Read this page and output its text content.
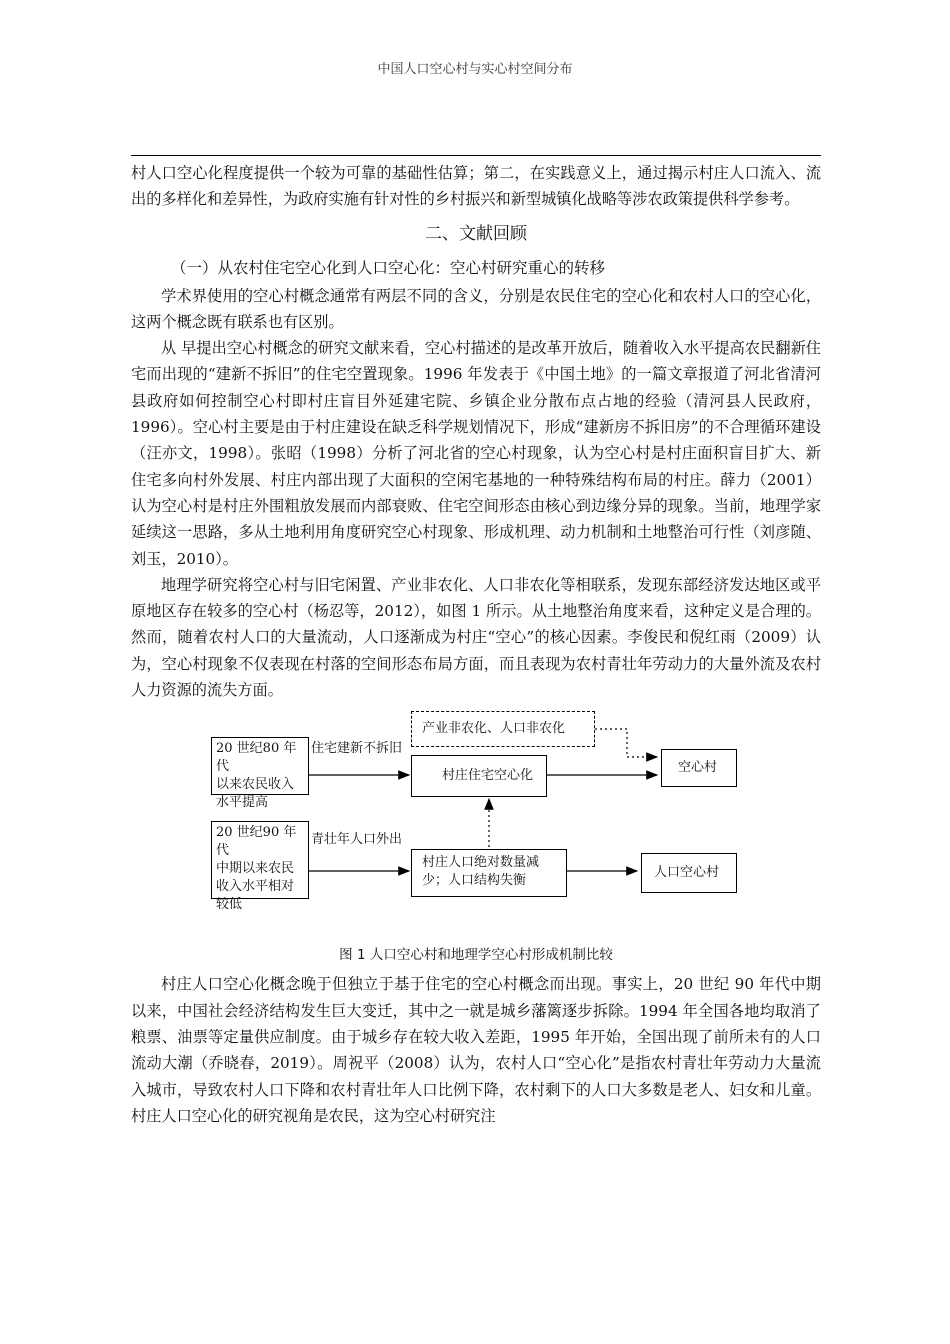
中国人口空心村与实心村空间分布

村人口空心化程度提供一个较为可靠的基础性估算；第二，在实践意义上，通过揭示村庄人口流入、流出的多样化和差异性，为政府实施有针对性的乡村振兴和新型城镇化战略等涉农政策提供科学参考。

二、文献回顾
（一）从农村住宅空心化到人口空心化：空心村研究重心的转移

学术界使用的空心村概念通常有两层不同的含义，分别是农民住宅的空心化和农村人口的空心化，这两个概念既有联系也有区别。

从 早提出空心村概念的研究文献来看，空心村描述的是改革开放后，随着收入水平提高农民翻新住宅而出现的“建新不拆旧”的住宅空置现象。1996 年发表于《中国土地》的一篇文章报道了河北省清河县政府如何控制空心村即村庄盲目外延建宅院、乡镇企业分散布点占地的经验（清河县人民政府，1996）。空心村主要是由于村庄建设在缺乏科学规划情况下，形成“建新房不拆旧房”的不合理循环建设（汪亦文，1998）。张昭（1998）分析了河北省的空心村现象，认为空心村是村庄面积盲目扩大、新住宅多向村外发展、村庄内部出现了大面积的空闲宅基地的一种特殊结构布局的村庄。薛力（2001）认为空心村是村庄外围粗放发展而内部衰败、住宅空间形态由核心到边缘分异的现象。当前，地理学家延续这一思路，多从土地利用角度研究空心村现象、形成机理、动力机制和土地整治可行性（刘彦随、刘玉，2010）。

地理学研究将空心村与旧宅闲置、产业非农化、人口非农化等相联系，发现东部经济发达地区或平原地区存在较多的空心村（杨忍等，2012），如图 1 所示。从土地整治角度来看，这种定义是合理的。然而，随着农村人口的大量流动，人口逐渐成为村庄“空心”的核心因素。李俊民和倪红雨（2009）认为，空心村现象不仅表现在村落的空间形态布局方面，而且表现为农村青壮年劳动力的大量外流及农村人力资源的流失方面。

20 世纪80 年代
以来农民收入
水平提高
住宅建新不拆旧
产业非农化、人口非农化
村庄住宅空心化
空心村
20 世纪90 年代
中期以来农民
收入水平相对
较低
青壮年人口外出
村庄人口绝对数量减
少；人口结构失衡
人口空心村

图 1 人口空心村和地理学空心村形成机制比较

村庄人口空心化概念晚于但独立于基于住宅的空心村概念而出现。事实上，20 世纪 90 年代中期以来，中国社会经济结构发生巨大变迁，其中之一就是城乡藩篱逐步拆除。1994 年全国各地均取消了粮票、油票等定量供应制度。由于城乡存在较大收入差距，1995 年开始，全国出现了前所未有的人口流动大潮（乔晓春，2019）。周祝平（2008）认为，农村人口“空心化”是指农村青壮年劳动力大量流入城市，导致农村人口下降和农村青壮年人口比例下降，农村剩下的人口大多数是老人、妇女和儿童。村庄人口空心化的研究视角是农民，这为空心村研究注
